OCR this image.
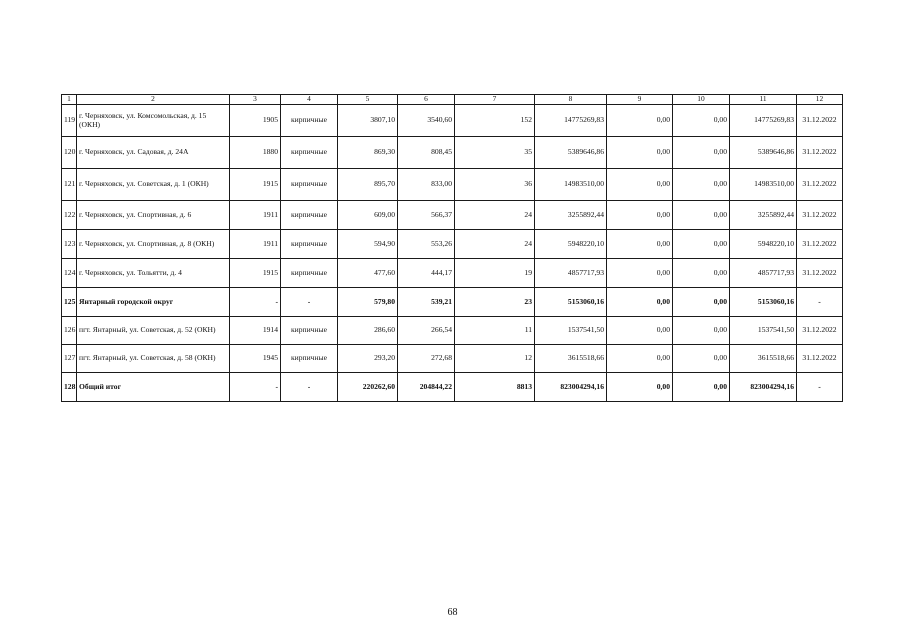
1	2	3	4	5	6	7	8	9	10	11	12
119	г. Черняховск, ул. Комсомольская, д. 15 (ОКН)	1905	кирпичные	3807,10	3540,60	152	14775269,83	0,00	0,00	14775269,83	31.12.2022
120	г. Черняховск, ул. Садовая, д. 24А	1880	кирпичные	869,30	808,45	35	5389646,86	0,00	0,00	5389646,86	31.12.2022
121	г. Черняховск, ул. Советская, д. 1 (ОКН)	1915	кирпичные	895,70	833,00	36	14983510,00	0,00	0,00	14983510,00	31.12.2022
122	г. Черняховск, ул. Спортивная, д. 6	1911	кирпичные	609,00	566,37	24	3255892,44	0,00	0,00	3255892,44	31.12.2022
123	г. Черняховск, ул. Спортивная, д. 8 (ОКН)	1911	кирпичные	594,90	553,26	24	5948220,10	0,00	0,00	5948220,10	31.12.2022
124	г. Черняховск, ул. Тольятти, д. 4	1915	кирпичные	477,60	444,17	19	4857717,93	0,00	0,00	4857717,93	31.12.2022
125	Янтарный городской округ	-	-	579,80	539,21	23	5153060,16	0,00	0,00	5153060,16	-
126	пгт. Янтарный, ул. Советская, д. 52 (ОКН)	1914	кирпичные	286,60	266,54	11	1537541,50	0,00	0,00	1537541,50	31.12.2022
127	пгт. Янтарный, ул. Советская, д. 58 (ОКН)	1945	кирпичные	293,20	272,68	12	3615518,66	0,00	0,00	3615518,66	31.12.2022
128	Общий итог	-	-	220262,60	204844,22	8813	823004294,16	0,00	0,00	823004294,16	-
68
